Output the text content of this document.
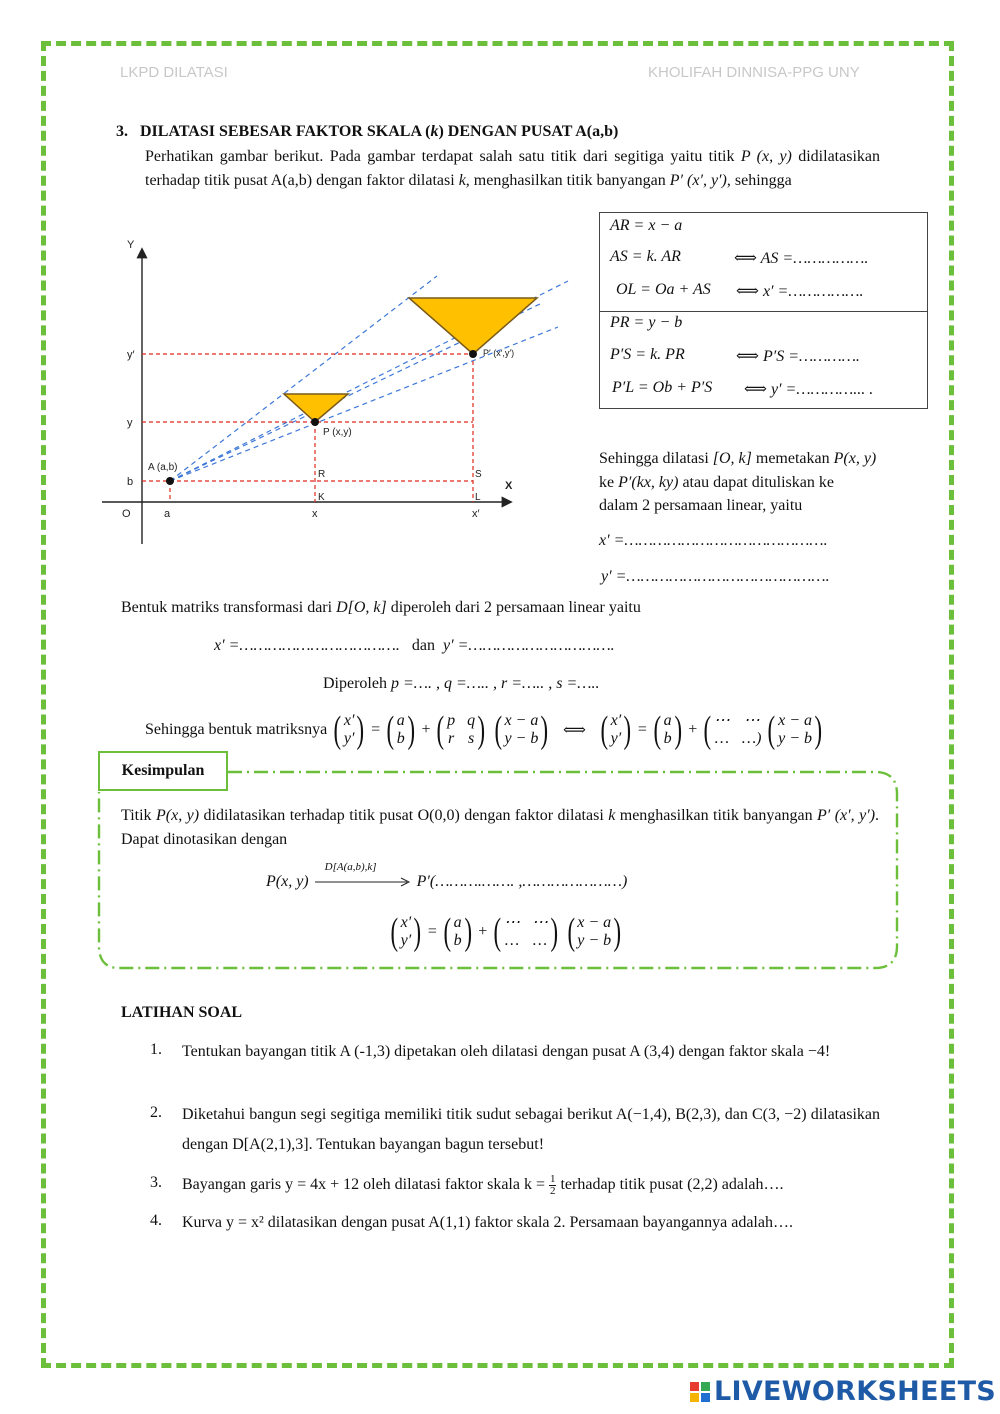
LKPD DILATASI	KHOLIFAH DINNISA-PPG UNY
3. DILATASI SEBESAR FAKTOR SKALA (k) DENGAN PUSAT A(a,b)

Perhatikan gambar berikut. Pada gambar terdapat salah satu titik dari segitiga yaitu titik P (x, y) didilatasikan terhadap titik pusat A(a,b) dengan faktor dilatasi k, menghasilkan titik banyangan P′ (x′, y′), sehingga

Y
X
O	a	x	x′
b
y
y′
A (a,b)
P (x,y)
P′ (x′,y′)
R	S
K	L
AR = x − a
AS = k. AR	⟺ AS =…………….
OL = Oa + AS ⟺ x′ =…………….
PR = y − b
P′S = k. PR	⟺ P′S =………….
P′L = Ob + P′S ⟺ y′ =…………... .
Sehingga dilatasi [O, k] memetakan P(x, y)
ke P′(kx, ky) atau dapat dituliskan ke
dalam 2 persamaan linear, yaitu
x′ =…………………………………….
y′ =…………………………………….
Bentuk matriks transformasi dari D[O, k] diperoleh dari 2 persamaan linear yaitu
x′ =……………………………. dan y′ =………………………….
Diperoleh p =…. , q =….. , r =….. , s =…..
Sehingga bentuk matriksnya ( x′
y′ ) = ( a
b ) + ( p q
r s ) ( x − a
y − b )
⟺
( x′
y′ ) = ( a
b ) + ( ⋯ ⋯
… …) ( x − a
y − b )
Kesimpulan

Titik P(x, y) didilatasikan terhadap titik pusat O(0,0) dengan faktor dilatasi k menghasilkan titik banyangan P′ (x′, y′). Dapat dinotasikan dengan

P(x, y)
D[A(a,b),k]
P′(……….……. ,…………………)
( x′
y′ ) = ( a
b ) + ( ⋯ ⋯
… … ) ( x − a
y − b )
LATIHAN SOAL
1. Tentukan bayangan titik A (-1,3) dipetakan oleh dilatasi dengan pusat A (3,4) dengan faktor skala −4!
2. Diketahui bangun segi segitiga memiliki titik sudut sebagai berikut A(−1,4), B(2,3), dan C(3, −2) dilatasikan dengan D[A(2,1),3]. Tentukan bayangan bagun tersebut!
3. Bayangan garis y = 4x + 12 oleh dilatasi faktor skala $k = \frac{1}{2}$ terhadap titik pusat (2,2) adalah….
4. Kurva y = x² dilatasikan dengan pusat A(1,1) faktor skala 2. Persamaan bayangannya adalah….
LIVEWORKSHEETS
